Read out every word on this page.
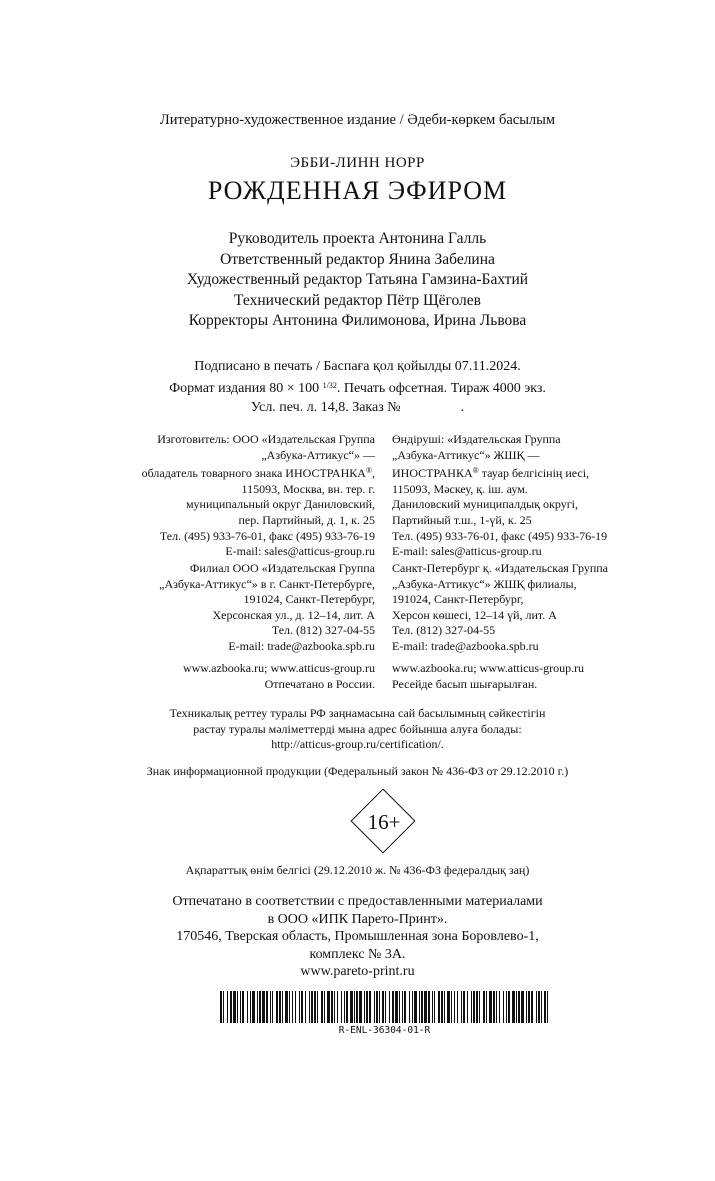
Литературно-художественное издание / Әдеби-көркем басылым
ЭББИ-ЛИНН НОРР
РОЖДЕННАЯ ЭФИРОМ
Руководитель проекта Антонина Галль
Ответственный редактор Янина Забелина
Художественный редактор Татьяна Гамзина-Бахтий
Технический редактор Пётр Щёголев
Корректоры Антонина Филимонова, Ирина Львова
Подписано в печать / Баспаға қол қойылды 07.11.2024.
Формат издания 80 × 100 $^{1/32}$. Печать офсетная. Тираж 4000 экз.
Усл. печ. л. 14,8. Заказ №	.
Изготовитель: ООО «Издательская Группа
„Азбука-Аттикус“» —
обладатель товарного знака ИНОСТРАНКА®,
115093, Москва, вн. тер. г.
муниципальный округ Даниловский,
пер. Партийный, д. 1, к. 25
Тел. (495) 933-76-01, факс (495) 933-76-19
E-mail: sales@atticus-group.ru
Өндіруші: «Издательская Группа
„Азбука-Аттикус“» ЖШҚ —
ИНОСТРАНКА® тауар белгісінің иесі,
115093, Мәскеу, қ. іш. аум.
Даниловский муниципалдық округі,
Партийный т.ш., 1-үй, к. 25
Тел. (495) 933-76-01, факс (495) 933-76-19
E-mail: sales@atticus-group.ru
Филиал ООО «Издательская Группа
„Азбука-Аттикус“» в г. Санкт-Петербурге,
191024, Санкт-Петербург,
Херсонская ул., д. 12–14, лит. А
Тел. (812) 327-04-55
E-mail: trade@azbooka.spb.ru
Санкт-Петербург қ. «Издательская Группа
„Азбука-Аттикус“» ЖШҚ филиалы,
191024, Санкт-Петербург,
Херсон көшесі, 12–14 үй, лит. А
Тел. (812) 327-04-55
E-mail: trade@azbooka.spb.ru
www.azbooka.ru; www.atticus-group.ru
Отпечатано в России.
www.azbooka.ru; www.atticus-group.ru
Ресейде басып шығарылған.
Техникалық реттеу туралы РФ заңнамасына сай басылымның сәйкестігін
растау туралы мәліметтерді мына адрес бойынша алуға болады:
http://atticus-group.ru/certification/.
Знак информационной продукции (Федеральный закон № 436-ФЗ от 29.12.2010 г.)
16+
Ақпараттық өнім белгісі (29.12.2010 ж. № 436-ФЗ федералдық заң)
Отпечатано в соответствии с предоставленными материалами
в ООО «ИПК Парето-Принт».
170546, Тверская область, Промышленная зона Боровлево-1,
комплекс № 3А.
www.pareto-print.ru
R-ENL-36304-01-R
